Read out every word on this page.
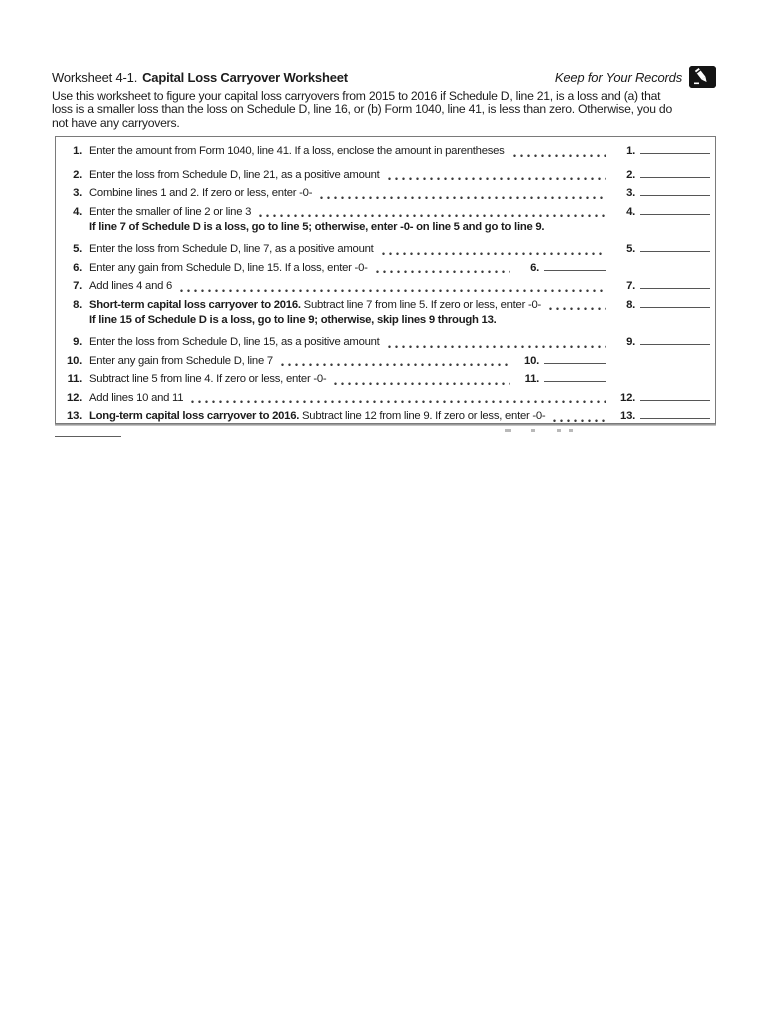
Worksheet 4-1. Capital Loss Carryover Worksheet	Keep for Your Records
Use this worksheet to figure your capital loss carryovers from 2015 to 2016 if Schedule D, line 21, is a loss and (a) that
loss is a smaller loss than the loss on Schedule D, line 16, or (b) Form 1040, line 41, is less than zero. Otherwise, you do
not have any carryovers.
1. Enter the amount from Form 1040, line 41. If a loss, enclose the amount in parentheses	1.
2. Enter the loss from Schedule D, line 21, as a positive amount	2.
3. Combine lines 1 and 2. If zero or less, enter -0-	3.
4. Enter the smaller of line 2 or line 3	4.
If line 7 of Schedule D is a loss, go to line 5; otherwise, enter -0- on line 5 and go to line 9.
5. Enter the loss from Schedule D, line 7, as a positive amount	5.
6. Enter any gain from Schedule D, line 15. If a loss, enter -0-	6.
7. Add lines 4 and 6	7.
8. Short-term capital loss carryover to 2016. Subtract line 7 from line 5. If zero or less, enter -0-	8.
If line 15 of Schedule D is a loss, go to line 9; otherwise, skip lines 9 through 13.
9. Enter the loss from Schedule D, line 15, as a positive amount	9.
10. Enter any gain from Schedule D, line 7	10.
11. Subtract line 5 from line 4. If zero or less, enter -0-	11.
12. Add lines 10 and 11	12.
13. Long-term capital loss carryover to 2016. Subtract line 12 from line 9. If zero or less, enter -0-	13.
